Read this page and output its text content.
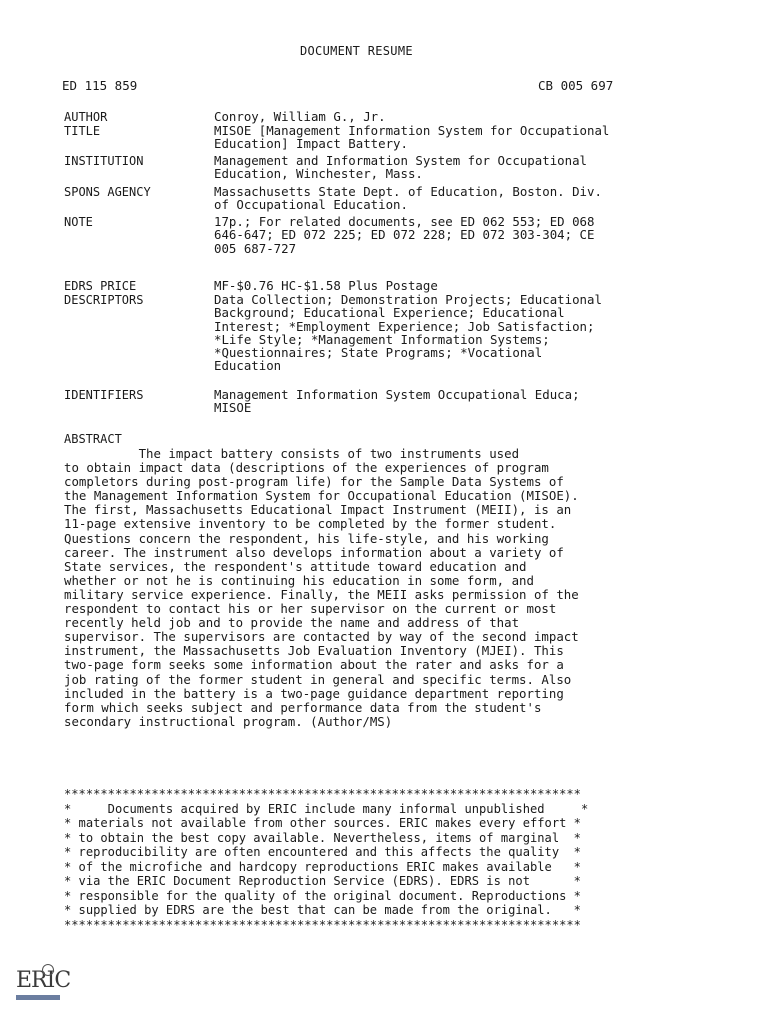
DOCUMENT RESUME
ED 115 859	CB 005 697
AUTHOR	Conroy, William G., Jr.
TITLE	MISOE [Management Information System for Occupational
Education] Impact Battery.
INSTITUTION	Management and Information System for Occupational
Education, Winchester, Mass.
SPONS AGENCY	Massachusetts State Dept. of Education, Boston. Div.
of Occupational Education.
NOTE	17p.; For related documents, see ED 062 553; ED 068
646-647; ED 072 225; ED 072 228; ED 072 303-304; CE
005 687-727
EDRS PRICE	MF-$0.76 HC-$1.58 Plus Postage
DESCRIPTORS	Data Collection; Demonstration Projects; Educational
Background; Educational Experience; Educational
Interest; *Employment Experience; Job Satisfaction;
*Life Style; *Management Information Systems;
*Questionnaires; State Programs; *Vocational
Education
IDENTIFIERS	Management Information System Occupational Educa;
MISOE
ABSTRACT
The impact battery consists of two instruments used
to obtain impact data (descriptions of the experiences of program
completors during post-program life) for the Sample Data Systems of
the Management Information System for Occupational Education (MISOE).
The first, Massachusetts Educational Impact Instrument (MEII), is an
11-page extensive inventory to be completed by the former student.
Questions concern the respondent, his life-style, and his working
career. The instrument also develops information about a variety of
State services, the respondent's attitude toward education and
whether or not he is continuing his education in some form, and
military service experience. Finally, the MEII asks permission of the
respondent to contact his or her supervisor on the current or most
recently held job and to provide the name and address of that
supervisor. The supervisors are contacted by way of the second impact
instrument, the Massachusetts Job Evaluation Inventory (MJEI). This
two-page form seeks some information about the rater and asks for a
job rating of the former student in general and specific terms. Also
included in the battery is a two-page guidance department reporting
form which seeks subject and performance data from the student's
secondary instructional program. (Author/MS)
***********************************************************************
*     Documents acquired by ERIC include many informal unpublished     *
* materials not available from other sources. ERIC makes every effort *
* to obtain the best copy available. Nevertheless, items of marginal  *
* reproducibility are often encountered and this affects the quality  *
* of the microfiche and hardcopy reproductions ERIC makes available   *
* via the ERIC Document Reproduction Service (EDRS). EDRS is not      *
* responsible for the quality of the original document. Reproductions *
* supplied by EDRS are the best that can be made from the original.   *
***********************************************************************
ERIC
